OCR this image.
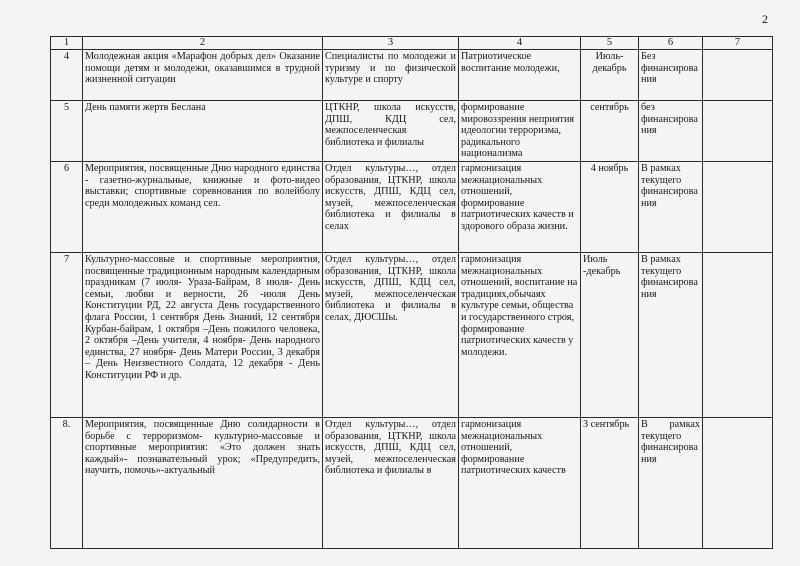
2
1	2	3	4	5	6	7
4	Молодежная акция «Марафон добрых дел» Оказание помощи детям и молодежи, оказавшимся в трудной жизненной ситуации	Специалисты по молодежи и туризму и по физической культуре и спорту	Патриотическое воспитание молодежи,	Июль-декабрь	Без финансирования	
5	День памяти жертв Беслана	ЦТКНР, школа искусств, ДПШ, КДЦ сел, межпоселенческая библиотека и филиалы	формирование мировоззрения неприятия идеологии терроризма, радикального национализма	сентябрь	без финансирования	
6	Мероприятия, посвященные Дню народного единства - газетно-журнальные, книжные и фото-видео выставки; спортивные соревнования по волейболу среди молодежных команд сел.	Отдел культуры…, отдел образования, ЦТКНР, школа искусств, ДПШ, КДЦ сел, музей, межпоселенческая библиотека и филиалы в селах	гармонизация межнациональных отношений, формирование патриотических качеств и здорового образа жизни.	4 ноябрь	В рамках текущего финансирования	
7	Культурно-массовые и спортивные мероприятия, посвященные традиционным народным календарным праздникам (7 июля- Ураза-Байрам, 8 июля- День семьи, любви и верности, 26 -июля День Конституции РД, 22 августа День государственного флага России, 1 сентября День Знаний, 12 сентября Курбан-байрам, 1 октября –День пожилого человека, 2 октября –День учителя, 4 ноября- День народного единства, 27 ноября- День Матери России, 3 декабря – День Неизвестного Солдата, 12 декабря - День Конституции РФ и др.	Отдел культуры…, отдел образования, ЦТКНР, школа искусств, ДПШ, КДЦ сел, музей, межпоселенческая библиотека и филиалы в селах, ДЮСШы.	гармонизация межнациональных отношений, воспитание на традициях,обычаях культуре семьи, общества и государственного строя, формирование патриотических качеств у молодежи.	Июль -декабрь	В рамках текущего финансирования	
8.	Мероприятия, посвященные Дню солидарности в борьбе с терроризмом- культурно-массовые и спортивные мероприятия: «Это должен знать каждый»- познавательный урок; «Предупредить, научить, помочь»-актуальный	Отдел культуры…, отдел образования, ЦТКНР, школа искусств, ДПШ, КДЦ сел, музей, межпоселенческая библиотека и филиалы в	гармонизация межнациональных отношений, формирование патриотических качеств	3 сентябрь	В рамках текущего финансирования	
